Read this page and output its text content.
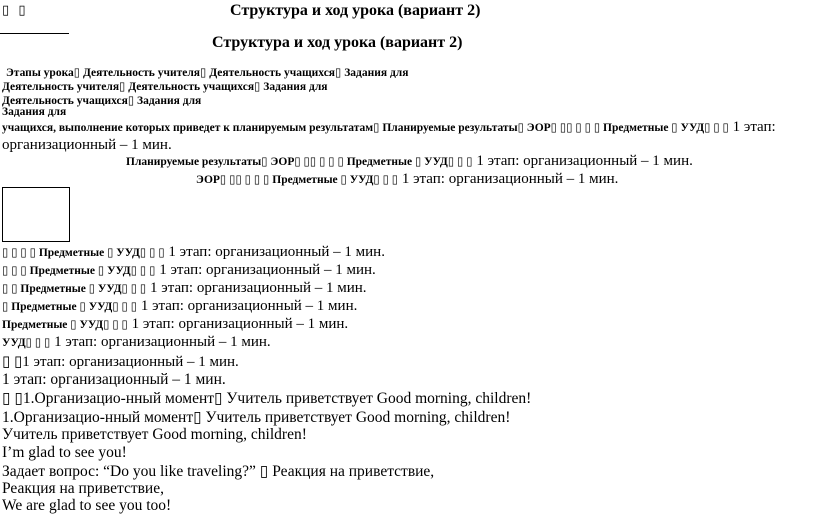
▯ ▯	Структура и ход урока (вариант 2)
Структура и ход урока (вариант 2)
Этапы урока▯ Деятельность учителя▯ Деятельность учащихся▯ Задания для
Деятельность учителя▯ Деятельность учащихся▯ Задания для
Деятельность учащихся▯ Задания для
Задания для
учащихся, выполнение которых приведет к планируемым результатам▯ Планируемые результаты▯ ЭОР▯ ▯▯ ▯ ▯ ▯ Предметные ▯ УУД▯ ▯ ▯ 1 этап:
организационный – 1 мин.
Планируемые результаты▯ ЭОР▯ ▯▯ ▯ ▯ ▯ Предметные ▯ УУД▯ ▯ ▯ 1 этап: организационный – 1 мин.
ЭОР▯ ▯▯ ▯ ▯ ▯ Предметные ▯ УУД▯ ▯ ▯ 1 этап: организационный – 1 мин.
▯ ▯ ▯ ▯ Предметные ▯ УУД▯ ▯ ▯ 1 этап: организационный – 1 мин.
▯ ▯ ▯ Предметные ▯ УУД▯ ▯ ▯ 1 этап: организационный – 1 мин.
▯ ▯ Предметные ▯ УУД▯ ▯ ▯ 1 этап: организационный – 1 мин.
▯ Предметные ▯ УУД▯ ▯ ▯ 1 этап: организационный – 1 мин.
Предметные ▯ УУД▯ ▯ ▯ 1 этап: организационный – 1 мин.
УУД▯ ▯ ▯ 1 этап: организационный – 1 мин.
▯ ▯1 этап: организационный – 1 мин.
1 этап: организационный – 1 мин.
▯ ▯1.Организацио-нный момент▯ Учитель приветствует Good morning, children!
1.Организацио-нный момент▯ Учитель приветствует Good morning, children!
Учитель приветствует Good morning, children!
I’m glad to see you!
Задает вопрос: “Do you like traveling?” ▯ Реакция на приветствие,
Реакция на приветствие,
We are glad to see you too!
